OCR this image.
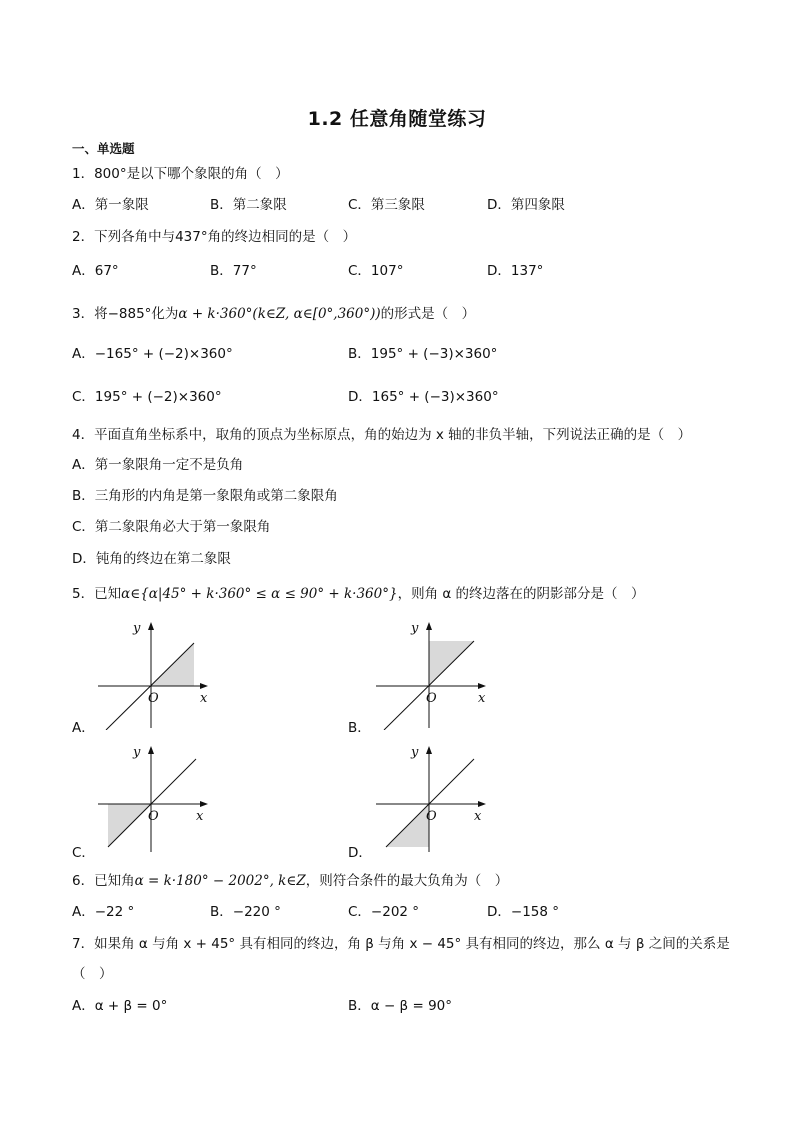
1.2 任意角随堂练习
一、单选题
1．800°是以下哪个象限的角（　）
A．第一象限	B．第二象限	C．第三象限	D．第四象限
2．下列各角中与437°角的终边相同的是（　）
A．67°	B．77°	C．107°	D．137°
3．将−885°化为α + k·360°(k∈Z, α∈[0°,360°))的形式是（　）
A．−165° + (−2)×360°	B．195° + (−3)×360°
C．195° + (−2)×360°	D．165° + (−3)×360°
4．平面直角坐标系中，取角的顶点为坐标原点，角的始边为 x 轴的非负半轴，下列说法正确的是（　）
A．第一象限角一定不是负角
B．三角形的内角是第一象限角或第二象限角
C．第二象限角必大于第一象限角
D．钝角的终边在第二象限
5．已知α∈{α|45° + k·360° ≤ α ≤ 90° + k·360°}，则角 α 的终边落在的阴影部分是（　）
y
O	x
A．
y
O	x
B．
y
O	x
C．
y
O	x
D．
6．已知角α = k·180° − 2002°, k∈Z，则符合条件的最大负角为（　）
A．−22 °	B．−220 °	C．−202 °	D．−158 °
7．如果角 α 与角 x + 45° 具有相同的终边，角 β 与角 x − 45° 具有相同的终边，那么 α 与 β 之间的关系是
（　）
A．α + β = 0°	B．α − β = 90°
